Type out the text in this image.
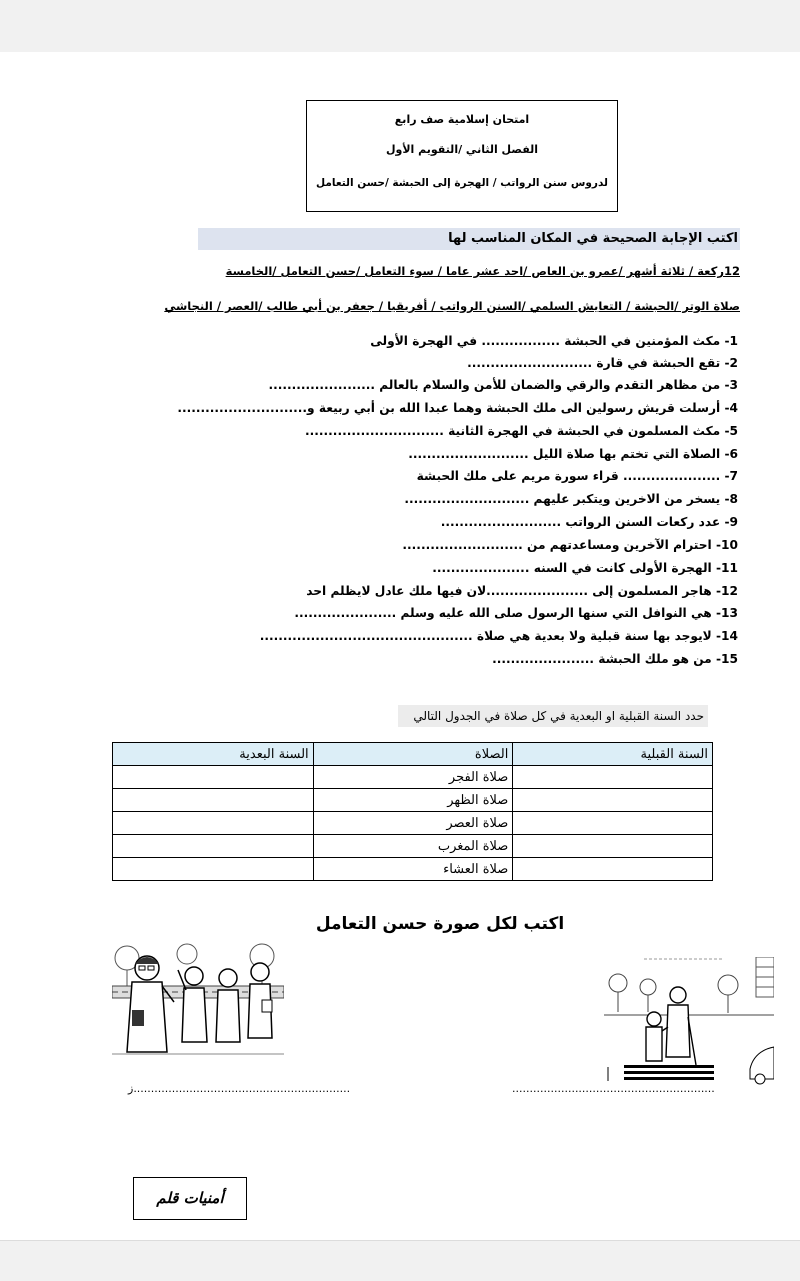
امتحان إسلامية صف رابع
الفصل الثاني /التقويم الأول
لدروس سنن الرواتب / الهجرة إلى الحبشة /حسن التعامل
اكتب الإجابة الصحيحة في المكان المناسب لها
12ركعة / ثلاثة أشهر /عمرو بن العاص /احد عشر عاما / سوء التعامل /حسن التعامل /الخامسة
صلاة الوتر /الحبشة / التعايش السلمي /السنن الرواتب / أفريقيا / جعفر بن أبي طالب /العصر / النجاشي
1- مكث المؤمنين في الحبشة ................. في الهجرة الأولى
2- تقع الحبشة في قارة ...........................
3- من مظاهر التقدم والرقي والضمان للأمن والسلام بالعالم .......................
4- أرسلت قريش رسولين الى ملك الحبشة وهما عبدا الله بن أبي ربيعة و............................
5- مكث المسلمون في الحبشة في الهجرة الثانية ..............................
6- الصلاة التي تختم بها صلاة الليل ..........................
7- ..................... قراء سورة مريم على ملك الحبشة
8- يسخر من الاخرين ويتكبر عليهم ...........................
9- عدد ركعات السنن الرواتب ..........................
10- احترام الآخرين ومساعدتهم من ..........................
11- الهجرة الأولى كانت في السنه .....................
12- هاجر المسلمون إلى ......................لان فيها ملك عادل لايظلم احد
13- هي النوافل التي سنها الرسول صلى الله عليه وسلم ......................
14- لايوجد بها سنة قبلية ولا بعدية هي صلاة ..............................................
15- من هو ملك الحبشة ......................
حدد السنة القبلية او البعدية في كل صلاة في الجدول التالي
السنة القبلية	الصلاة	السنة البعدية
	صلاة الفجر	
	صلاة الظهر	
	صلاة العصر	
	صلاة المغرب	
	صلاة العشاء	
اكتب لكل صورة حسن التعامل
ز..............................................................	..........................................................
أمنيات قلم
